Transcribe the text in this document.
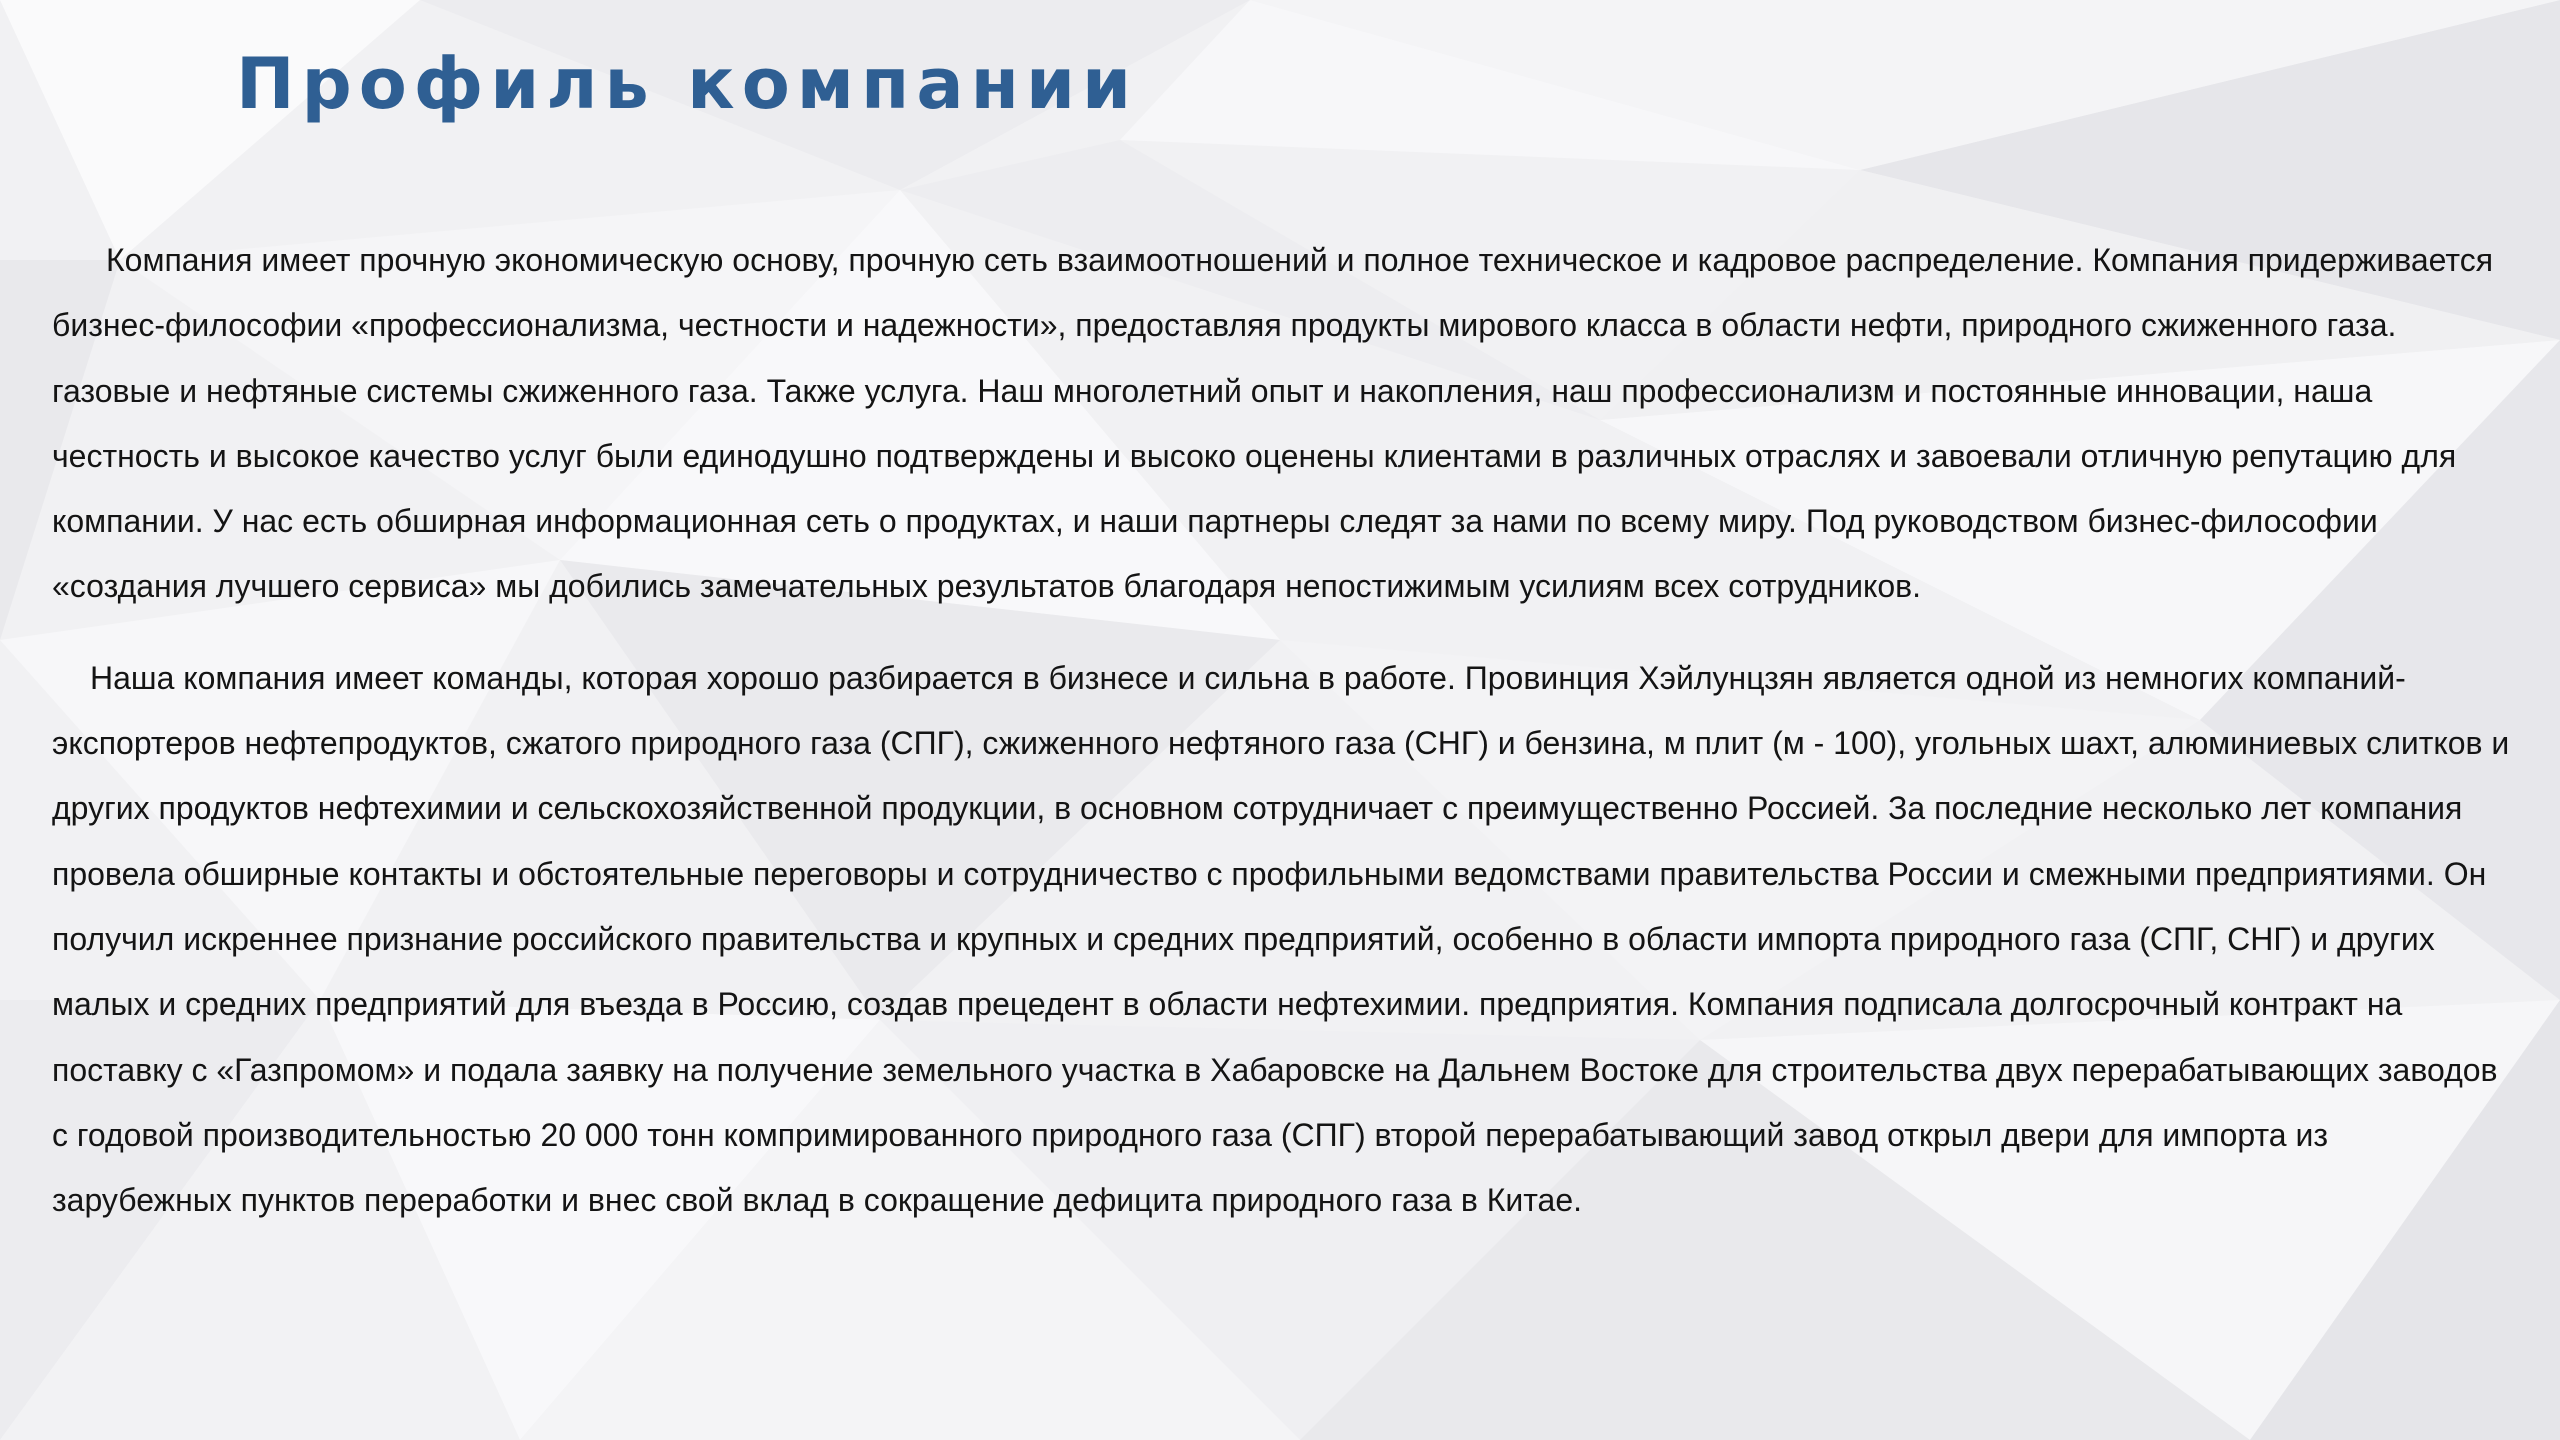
Профиль компании

Компания имеет прочную экономическую основу, прочную сеть взаимоотношений и полное техническое и кадровое распределение. Компания придерживается бизнес-философии «профессионализма, честности и надежности», предоставляя продукты мирового класса в области нефти, природного сжиженного газа. газовые и нефтяные системы сжиженного газа. Также услуга. Наш многолетний опыт и накопления, наш профессионализм и постоянные инновации, наша честность и высокое качество услуг были единодушно подтверждены и высоко оценены клиентами в различных отраслях и завоевали отличную репутацию для компании. У нас есть обширная информационная сеть о продуктах, и наши партнеры следят за нами по всему миру. Под руководством бизнес-философии «создания лучшего сервиса» мы добились замечательных результатов благодаря непостижимым усилиям всех сотрудников.

Наша компания имеет команды, которая хорошо разбирается в бизнесе и сильна в работе. Провинция Хэйлунцзян является одной из немногих компаний-экспортеров нефтепродуктов, сжатого природного газа (СПГ), сжиженного нефтяного газа (СНГ) и бензина, м плит (м - 100), угольных шахт, алюминиевых слитков и других продуктов нефтехимии и сельскохозяйственной продукции, в основном сотрудничает с преимущественно Россией. За последние несколько лет компания провела обширные контакты и обстоятельные переговоры и сотрудничество с профильными ведомствами правительства России и смежными предприятиями. Он получил искреннее признание российского правительства и крупных и средних предприятий, особенно в области импорта природного газа (СПГ, СНГ) и других малых и средних предприятий для въезда в Россию, создав прецедент в области нефтехимии. предприятия. Компания подписала долгосрочный контракт на поставку с «Газпромом» и подала заявку на получение земельного участка в Хабаровске на Дальнем Востоке для строительства двух перерабатывающих заводов с годовой производительностью 20 000 тонн компримированного природного газа (СПГ) второй перерабатывающий завод открыл двери для импорта из зарубежных пунктов переработки и внес свой вклад в сокращение дефицита природного газа в Китае.
